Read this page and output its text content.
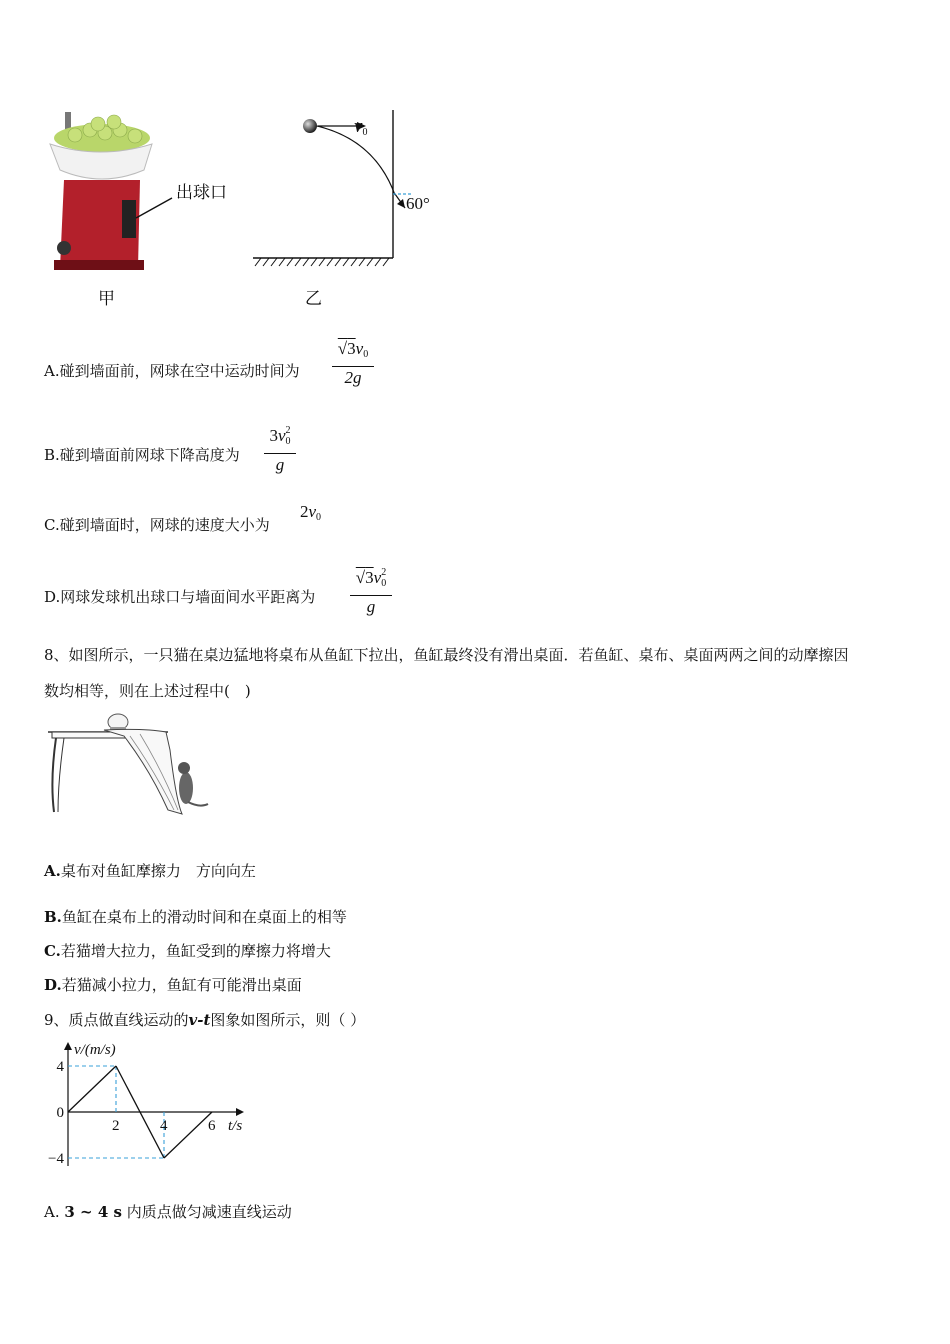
出球口
甲
$v_0$
60°
乙
A.碰到墙面前，网球在空中运动时间为 $\frac{√3v_0}{2g}$
B.碰到墙面前网球下降高度为 $\frac{3v_0^2}{g}$
C.碰到墙面时，网球的速度大小为
$2v_0$
D.网球发球机出球口与墙面间水平距离为 $\frac{√3v_0^2}{g}$
8、如图所示，一只猫在桌边猛地将桌布从鱼缸下拉出，鱼缸最终没有滑出桌面．若鱼缸、桌布、桌面两两之间的动摩擦因
数均相等，则在上述过程中(　)
A.桌布对鱼缸摩擦力　方向向左
B.鱼缸在桌布上的滑动时间和在桌面上的相等
C.若猫增大拉力，鱼缸受到的摩擦力将增大
D.若猫减小拉力，鱼缸有可能滑出桌面
9、质点做直线运动的v-t图象如图所示，则（ ）
2	4	6
4
0
−4
v/(m/s)
t/s
A. 3 ~ 4 s 内质点做匀减速直线运动
